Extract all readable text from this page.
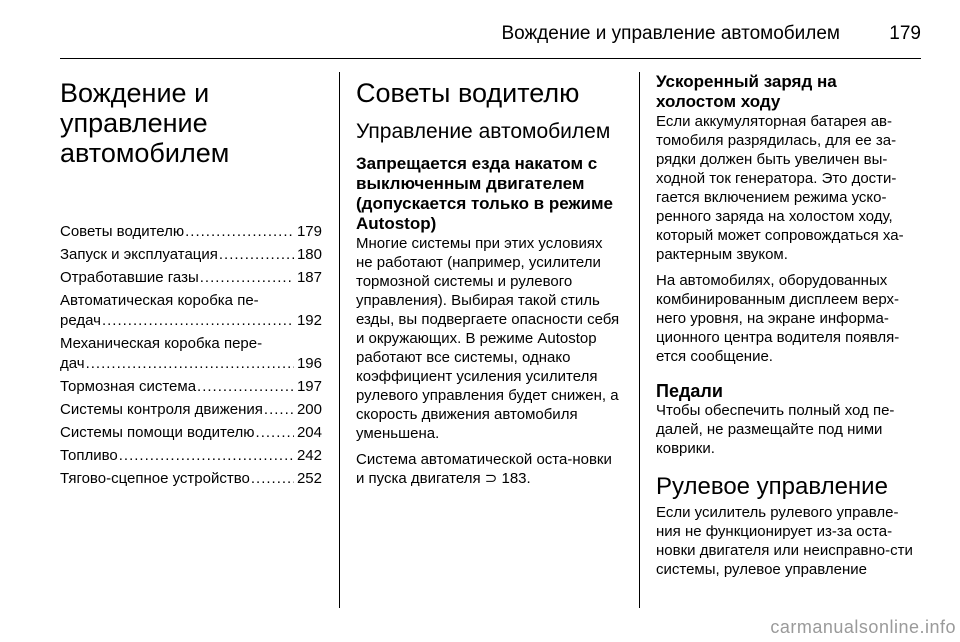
Вождение и управление автомобилем	179
Вождение и управление автомобилем
Советы водителю .....	179
Запуск и эксплуатация .....	180
Отработавшие газы .....	187
Автоматическая коробка пе-
редач .....	192
Механическая коробка пере-
дач .....	196
Тормозная система .....	197
Системы контроля движения ..... 200
Системы помощи водителю .....	204
Топливо .....	242
Тягово-сцепное устройство .....	252
Советы водителю
Управление автомобилем
Запрещается езда накатом с выключенным двигателем (допускается только в режиме Autostop)

Многие системы при этих условиях не работают (например, усилители тормозной системы и рулевого управления). Выбирая такой стиль езды, вы подвергаете опасности себя и окружающих. В режиме Autostop работают все системы, однако коэффициент усиления усилителя рулевого управления будет снижен, а скорость движения автомобиля уменьшена.

Система автоматической оста-новки и пуска двигателя ⊃ 183.

Ускоренный заряд на холостом ходу

Если аккумуляторная батарея ав-томобиля разрядилась, для ее за-рядки должен быть увеличен вы-ходной ток генератора. Это дости-гается включением режима уско-ренного заряда на холостом ходу, который может сопровождаться ха-рактерным звуком.

На автомобилях, оборудованных комбинированным дисплеем верх-него уровня, на экране информа-ционного центра водителя появля-ется сообщение.

Педали

Чтобы обеспечить полный ход пе-далей, не размещайте под ними коврики.

Рулевое управление

Если усилитель рулевого управле-ния не функционирует из-за оста-новки двигателя или неисправно-сти системы, рулевое управление

carmanualsonline.info
